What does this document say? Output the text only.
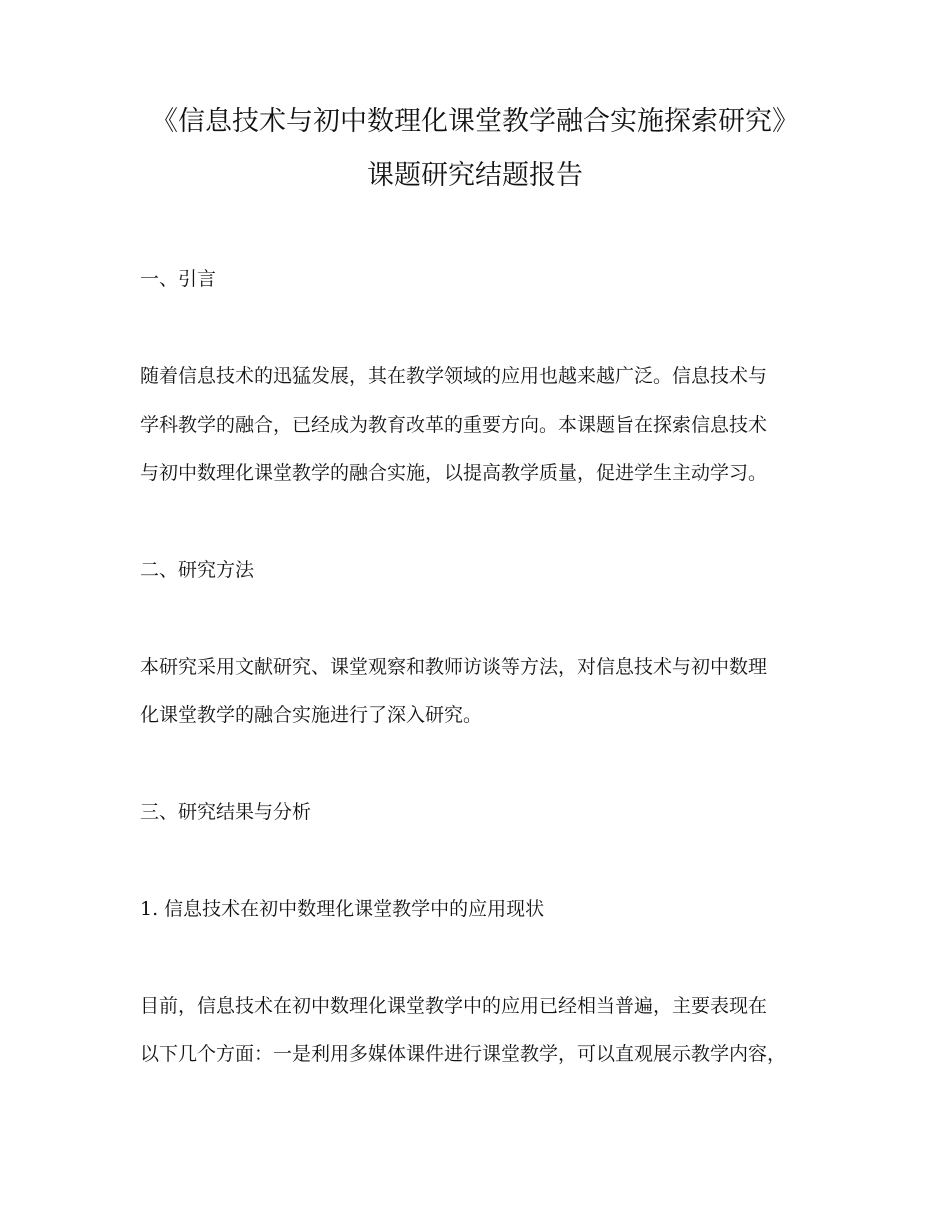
《信息技术与初中数理化课堂教学融合实施探索研究》
课题研究结题报告
一、引言
随着信息技术的迅猛发展，其在教学领域的应用也越来越广泛。信息技术与
学科教学的融合，已经成为教育改革的重要方向。本课题旨在探索信息技术
与初中数理化课堂教学的融合实施，以提高教学质量，促进学生主动学习。
二、研究方法
本研究采用文献研究、课堂观察和教师访谈等方法，对信息技术与初中数理
化课堂教学的融合实施进行了深入研究。
三、研究结果与分析
1. 信息技术在初中数理化课堂教学中的应用现状
目前，信息技术在初中数理化课堂教学中的应用已经相当普遍，主要表现在
以下几个方面：一是利用多媒体课件进行课堂教学，可以直观展示教学内容，
